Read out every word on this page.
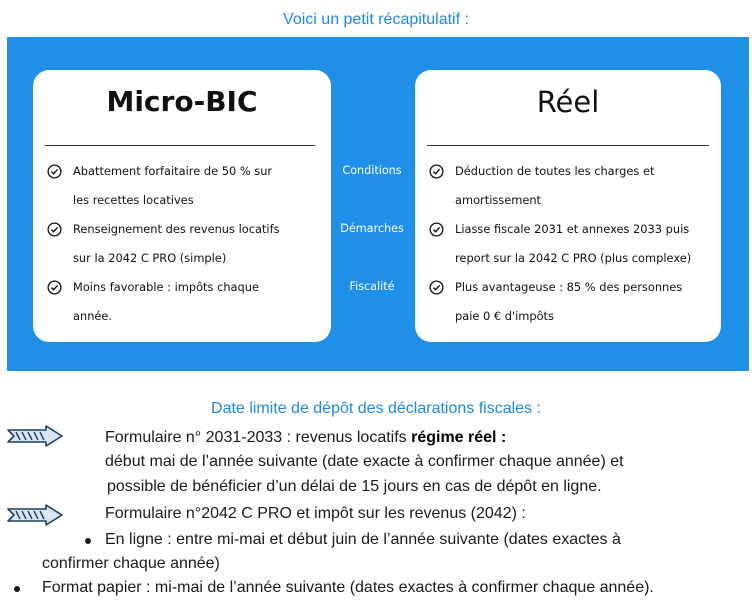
Voici un petit récapitulatif :
Micro-BIC
Abattement forfaitaire de 50 % sur
les recettes locatives
Renseignement des revenus locatifs
sur la 2042 C PRO (simple)
Moins favorable : impôts chaque
année.
Conditions
Démarches
Fiscalité
Réel
Déduction de toutes les charges et
amortissement
Liasse fiscale 2031 et annexes 2033 puis
report sur la 2042 C PRO (plus complexe)
Plus avantageuse : 85 % des personnes
paie 0 € d'impôts
Date limite de dépôt des déclarations fiscales :
Formulaire n° 2031-2033 : revenus locatifs régime réel :
début mai de l’année suivante (date exacte à confirmer chaque année) et
possible de bénéficier d’un délai de 15 jours en cas de dépôt en ligne.
Formulaire n°2042 C PRO et impôt sur les revenus (2042) :
En ligne : entre mi-mai et début juin de l’année suivante (dates exactes à
confirmer chaque année)
Format papier : mi-mai de l’année suivante (dates exactes à confirmer chaque année).
